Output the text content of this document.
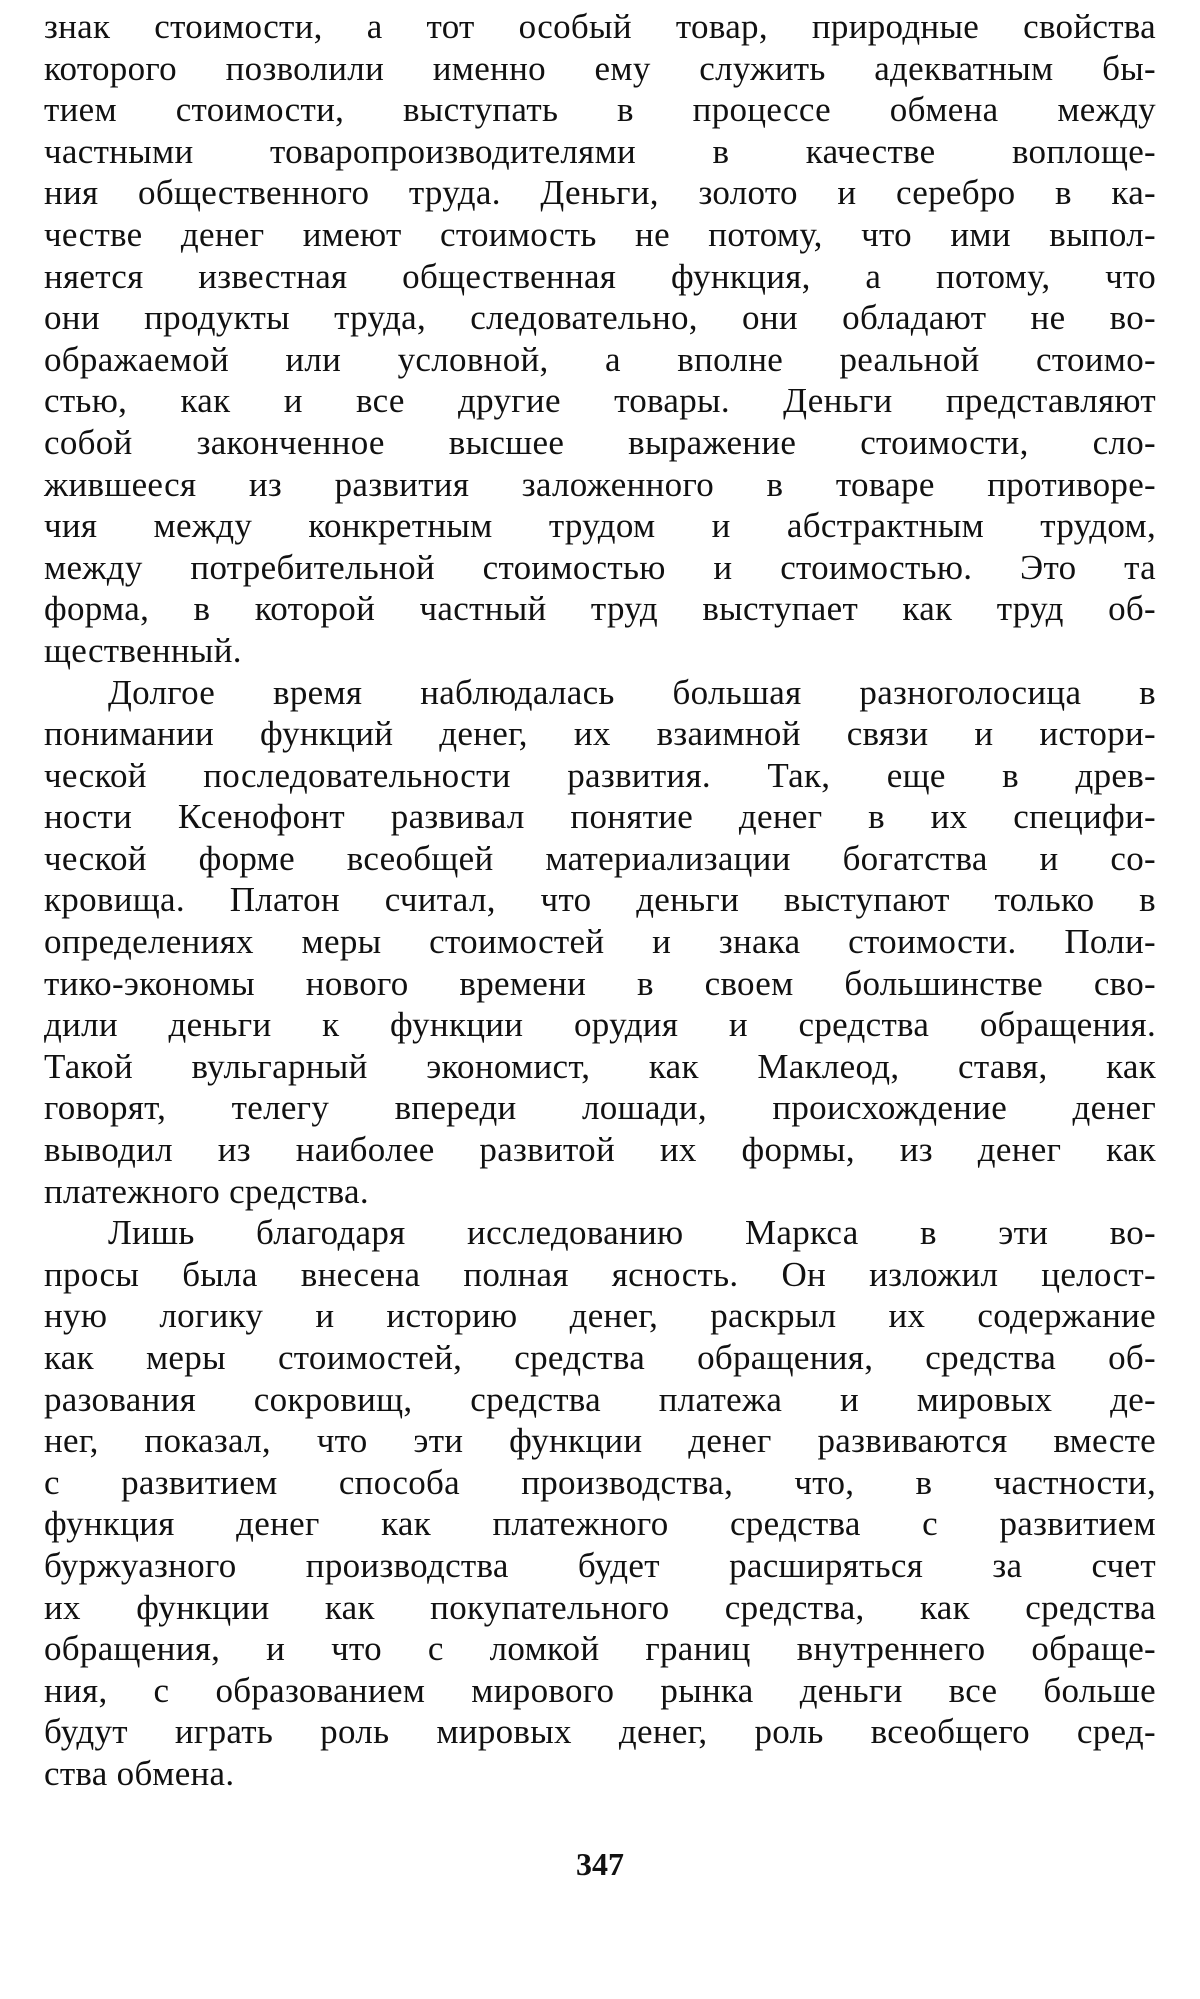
знак стоимости, а тот особый товар, природные свойства
которого позволили именно ему служить адекватным бы-
тием стоимости, выступать в процессе обмена между
частными товаропроизводителями в качестве воплоще-
ния общественного труда. Деньги, золото и серебро в ка-
честве денег имеют стоимость не потому, что ими выпол-
няется известная общественная функция, а потому, что
они продукты труда, следовательно, они обладают не во-
ображаемой или условной, а вполне реальной стоимо-
стью, как и все другие товары. Деньги представляют
собой законченное высшее выражение стоимости, сло-
жившееся из развития заложенного в товаре противоре-
чия между конкретным трудом и абстрактным трудом,
между потребительной стоимостью и стоимостью. Это та
форма, в которой частный труд выступает как труд об-
щественный.
Долгое время наблюдалась большая разноголосица в
понимании функций денег, их взаимной связи и истори-
ческой последовательности развития. Так, еще в древ-
ности Ксенофонт развивал понятие денег в их специфи-
ческой форме всеобщей материализации богатства и со-
кровища. Платон считал, что деньги выступают только в
определениях меры стоимостей и знака стоимости. Поли-
тико-экономы нового времени в своем большинстве сво-
дили деньги к функции орудия и средства обращения.
Такой вульгарный экономист, как Маклеод, ставя, как
говорят, телегу впереди лошади, происхождение денег
выводил из наиболее развитой их формы, из денег как
платежного средства.
Лишь благодаря исследованию Маркса в эти во-
просы была внесена полная ясность. Он изложил целост-
ную логику и историю денег, раскрыл их содержание
как меры стоимостей, средства обращения, средства об-
разования сокровищ, средства платежа и мировых де-
нег, показал, что эти функции денег развиваются вместе
с развитием способа производства, что, в частности,
функция денег как платежного средства с развитием
буржуазного производства будет расширяться за счет
их функции как покупательного средства, как средства
обращения, и что с ломкой границ внутреннего обраще-
ния, с образованием мирового рынка деньги все больше
будут играть роль мировых денег, роль всеобщего сред-
ства обмена.
347
